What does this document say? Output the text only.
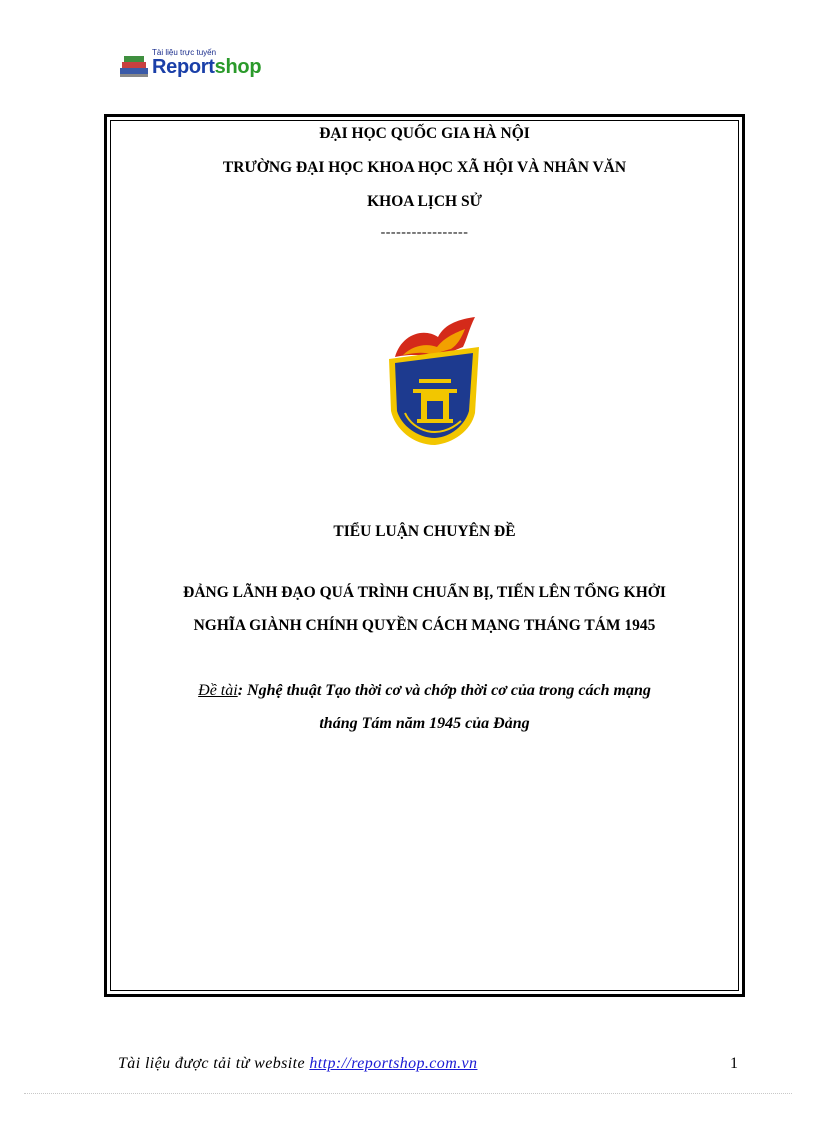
Tài liệu trực tuyến
Reportshop
ĐẠI HỌC QUỐC GIA HÀ NỘI
TRƯỜNG ĐẠI HỌC KHOA HỌC XÃ HỘI VÀ NHÂN VĂN
KHOA LỊCH SỬ
-----------------
TIỂU LUẬN CHUYÊN ĐỀ
ĐẢNG LÃNH ĐẠO QUÁ TRÌNH CHUẨN BỊ, TIẾN LÊN TỔNG KHỞI
NGHĨA GIÀNH CHÍNH QUYỀN CÁCH MẠNG THÁNG TÁM 1945
Đề tài: Nghệ thuật Tạo thời cơ và chớp thời cơ của trong cách mạng
tháng Tám năm 1945 của Đảng
Tài liệu được tải từ website http://reportshop.com.vn	1
